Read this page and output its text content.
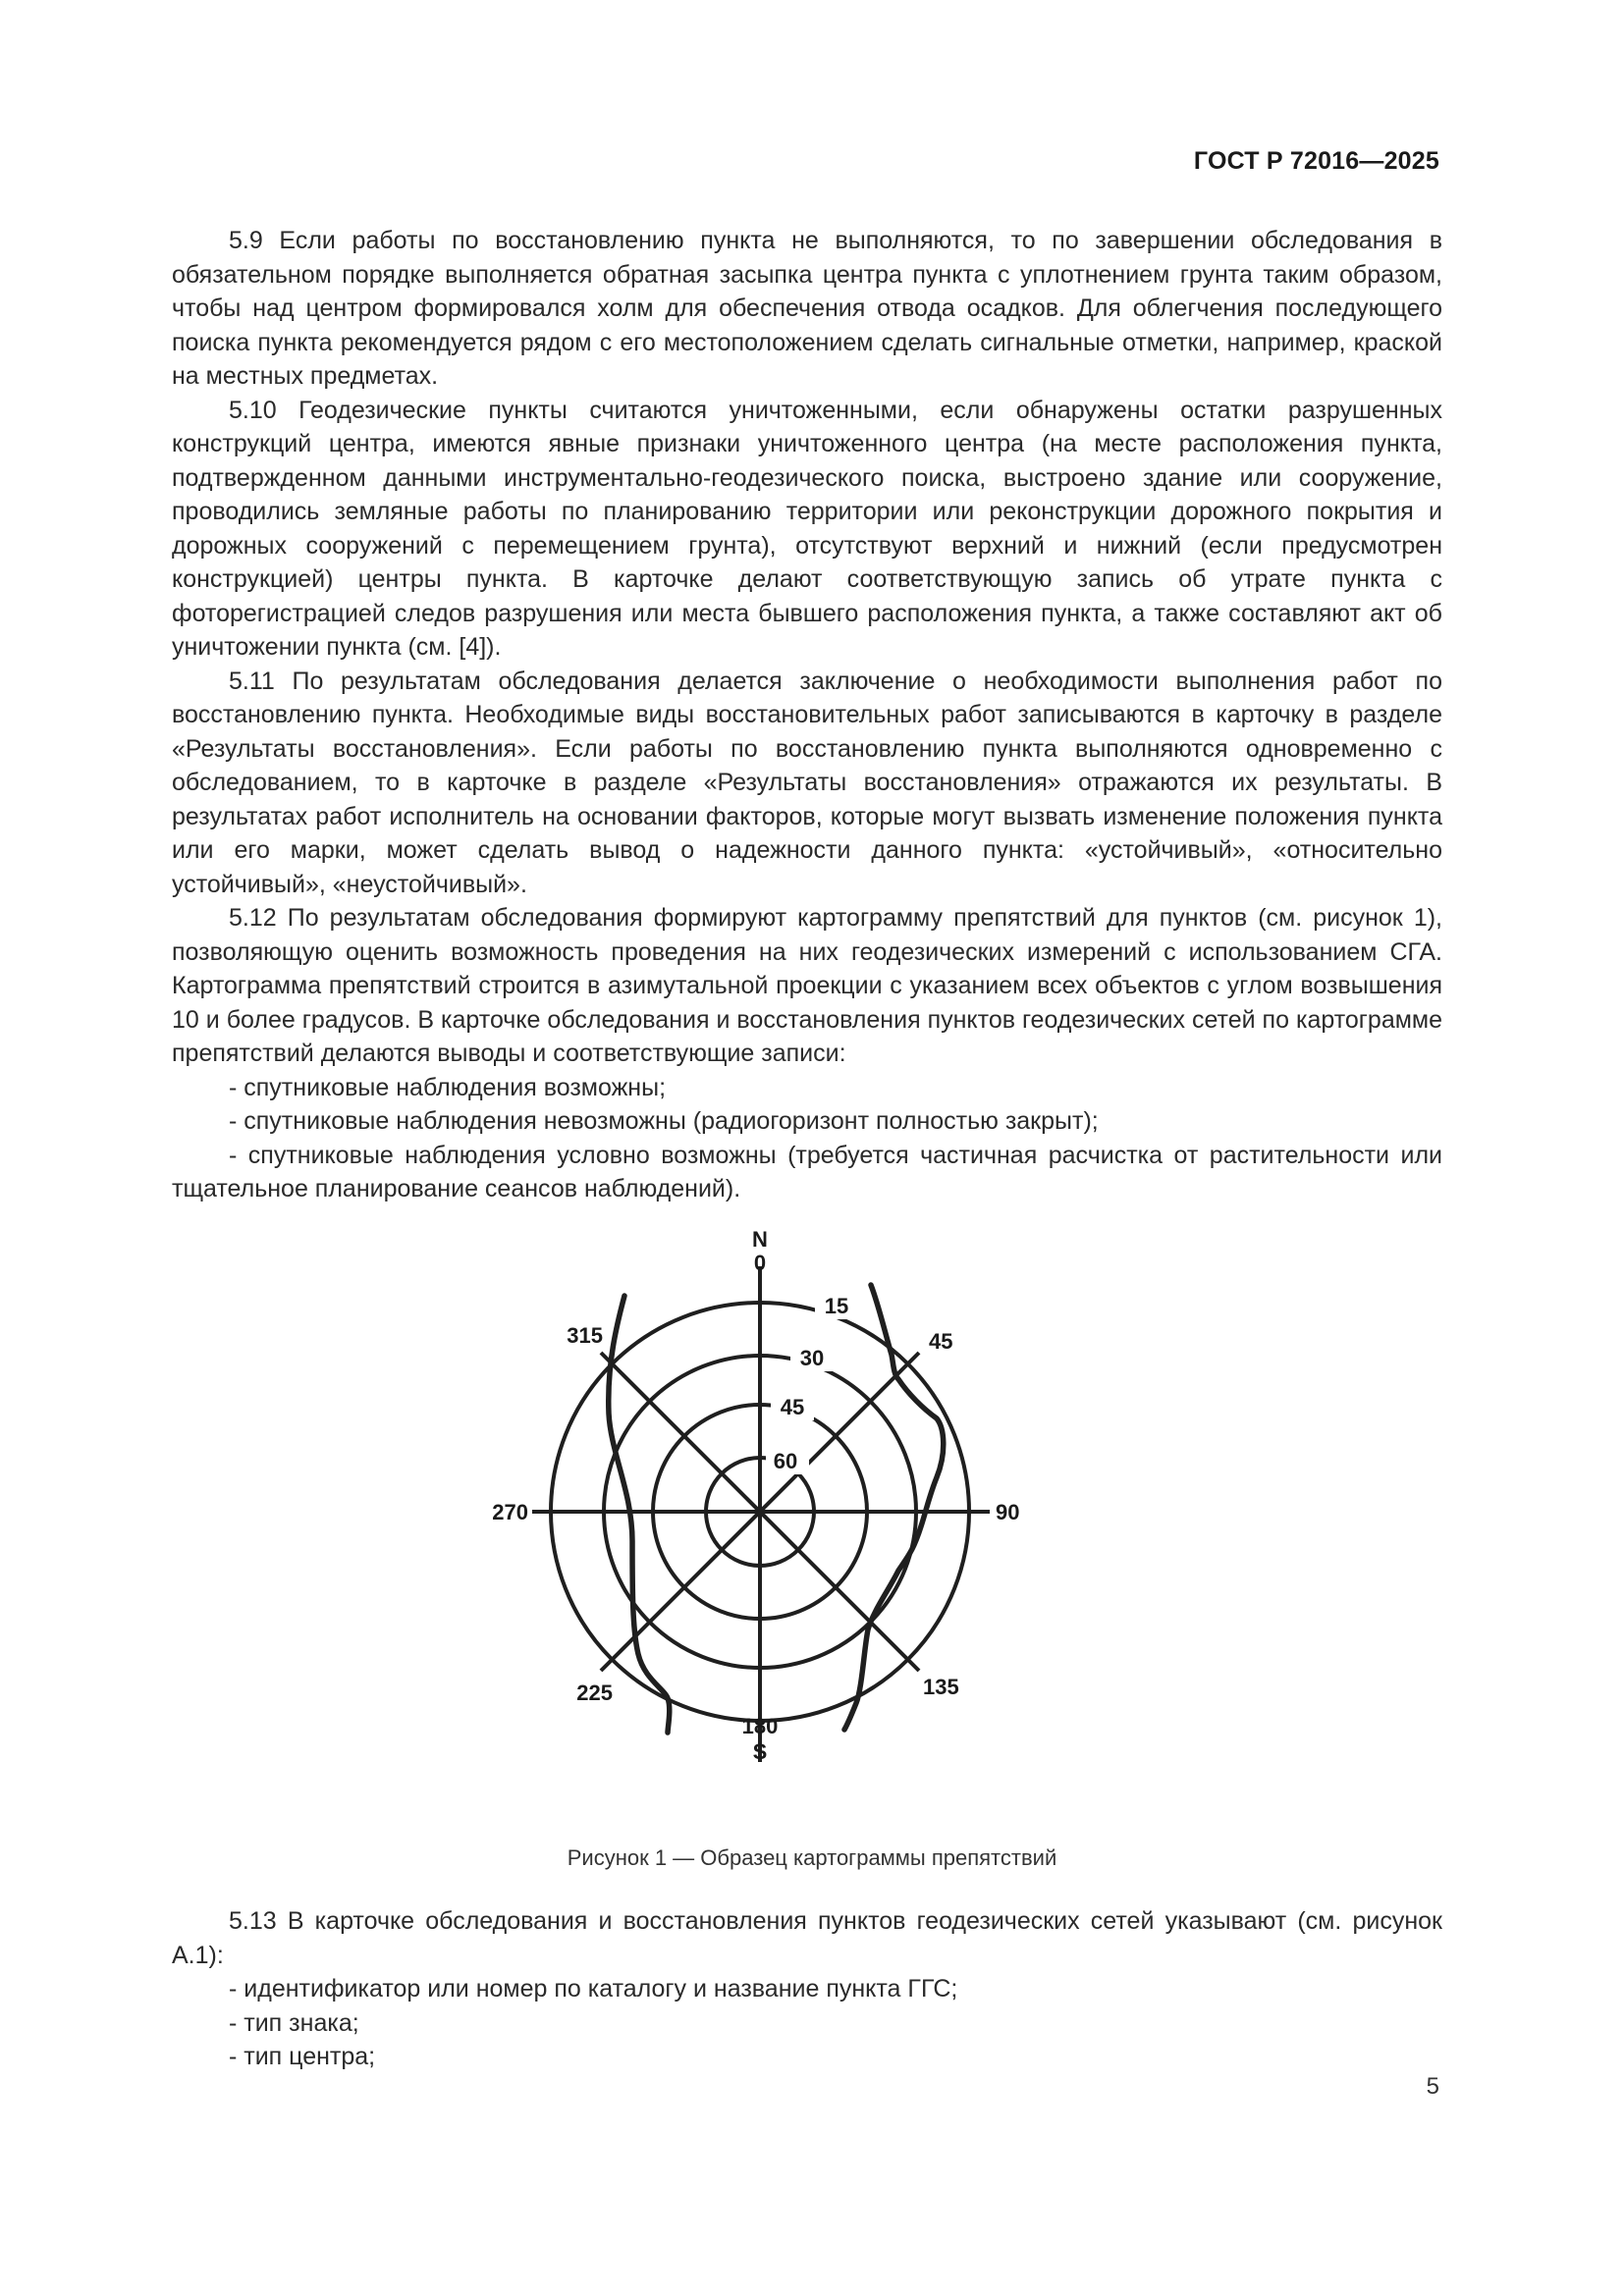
ГОСТ Р 72016—2025

5.9 Если работы по восстановлению пункта не выполняются, то по завершении обследования в обязательном порядке выполняется обратная засыпка центра пункта с уплотнением грунта таким образом, чтобы над центром формировался холм для обеспечения отвода осадков. Для облегчения последующего поиска пункта рекомендуется рядом с его местоположением сделать сигнальные отметки, например, краской на местных предметах.

5.10 Геодезические пункты считаются уничтоженными, если обнаружены остатки разрушенных конструкций центра, имеются явные признаки уничтоженного центра (на месте расположения пункта, подтвержденном данными инструментально-геодезического поиска, выстроено здание или сооружение, проводились земляные работы по планированию территории или реконструкции дорожного покрытия и дорожных сооружений с перемещением грунта), отсутствуют верхний и нижний (если предусмотрен конструкцией) центры пункта. В карточке делают соответствующую запись об утрате пункта с фоторегистрацией следов разрушения или места бывшего расположения пункта, а также составляют акт об уничтожении пункта (см. [4]).

5.11 По результатам обследования делается заключение о необходимости выполнения работ по восстановлению пункта. Необходимые виды восстановительных работ записываются в карточку в разделе «Результаты восстановления». Если работы по восстановлению пункта выполняются одновременно с обследованием, то в карточке в разделе «Результаты восстановления» отражаются их результаты. В результатах работ исполнитель на основании факторов, которые могут вызвать изменение положения пункта или его марки, может сделать вывод о надежности данного пункта: «устойчивый», «относительно устойчивый», «неустойчивый».

5.12 По результатам обследования формируют картограмму препятствий для пунктов (см. рисунок 1), позволяющую оценить возможность проведения на них геодезических измерений с использованием СГА. Картограмма препятствий строится в азимутальной проекции с указанием всех объектов с углом возвышения 10 и более градусов. В карточке обследования и восстановления пунктов геодезических сетей по картограмме препятствий делаются выводы и соответствующие записи:

- спутниковые наблюдения возможны;

- спутниковые наблюдения невозможны (радиогоризонт полностью закрыт);

- спутниковые наблюдения условно возможны (требуется частичная расчистка от растительности или тщательное планирование сеансов наблюдений).

N
0
180
S
90
270
45
135
225
315
15
30
45
60
Рисунок 1 — Образец картограммы препятствий

5.13 В карточке обследования и восстановления пунктов геодезических сетей указывают (см. рисунок А.1):

- идентификатор или номер по каталогу и название пункта ГГС;

- тип знака;

- тип центра;

5
